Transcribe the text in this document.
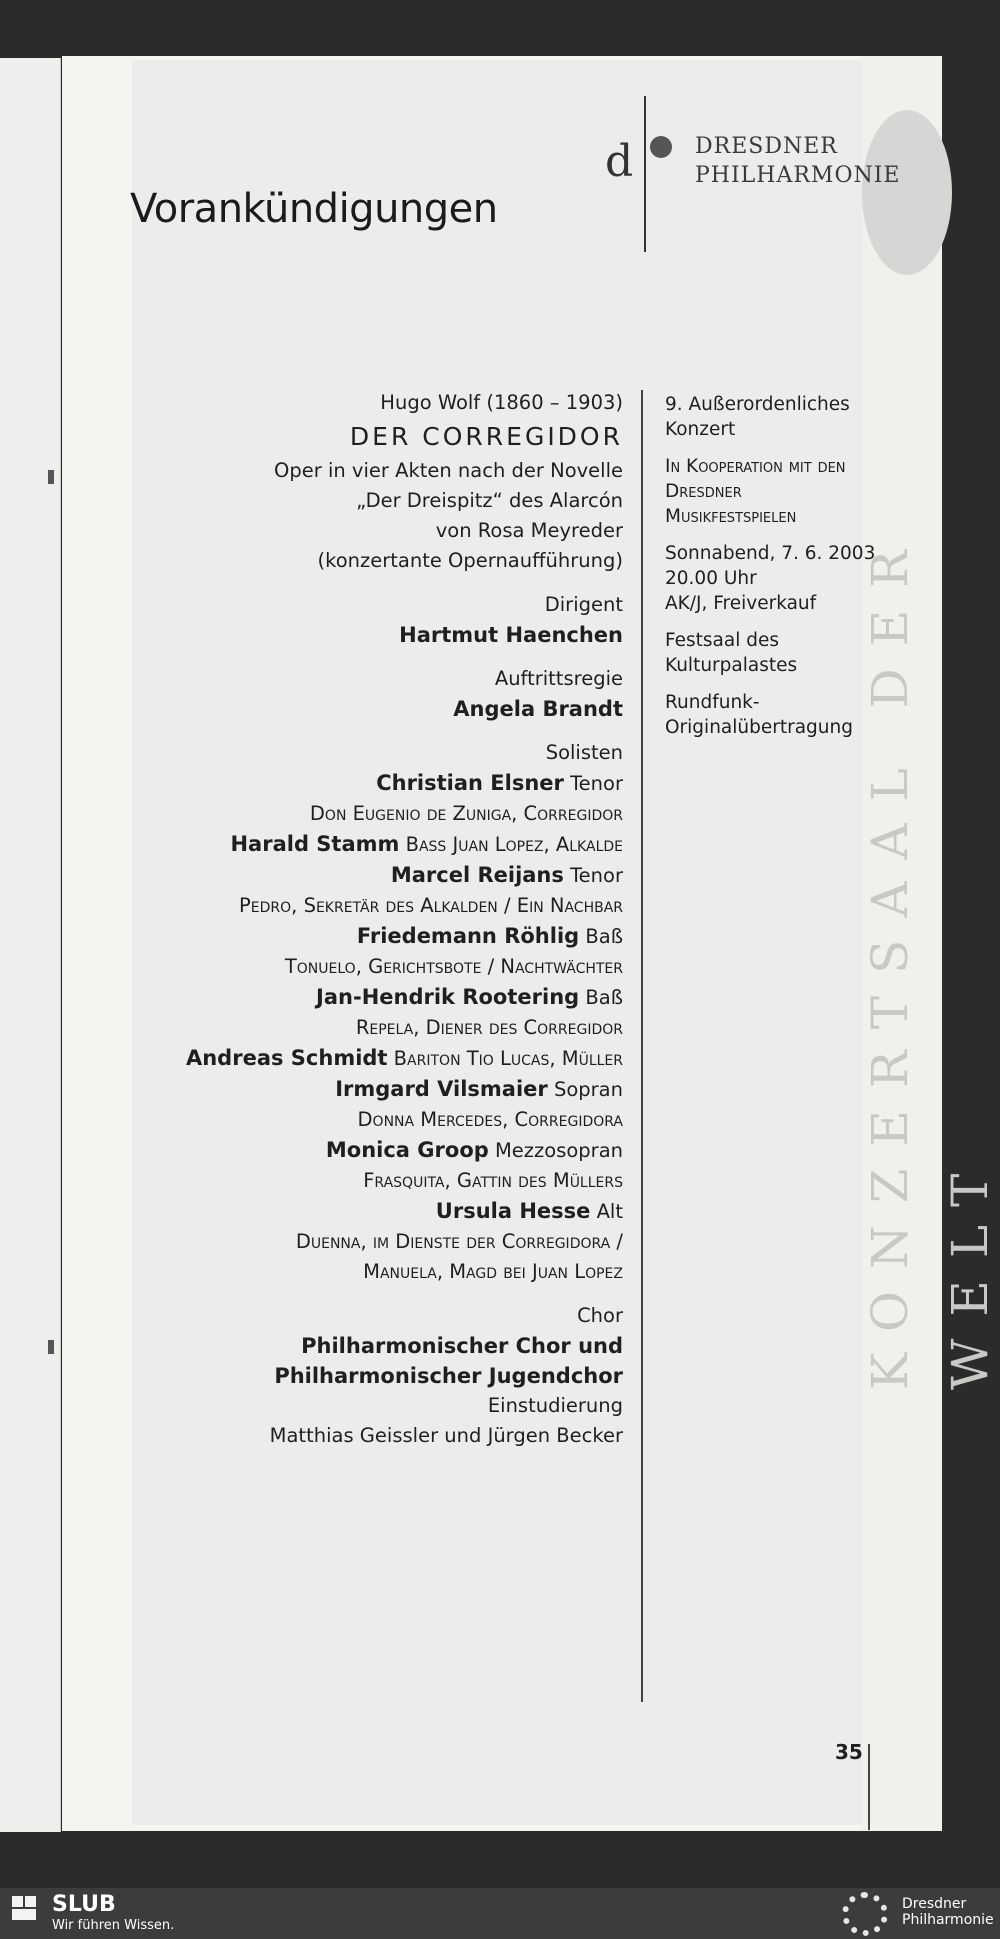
KONZERTSAAL DER WELT
Vorankündigungen
d	DRESDNER
PHILHARMONIE
Hugo Wolf (1860 – 1903)
DER CORREGIDOR
Oper in vier Akten nach der Novelle
„Der Dreispitz“ des Alarcón
von Rosa Meyreder
(konzertante Opernaufführung)
Dirigent
Hartmut Haenchen
Auftrittsregie
Angela Brandt
Solisten
Christian Elsner Tenor
Don Eugenio de Zuniga, Corregidor
Harald Stamm Baß Juan Lopez, Alkalde
Marcel Reijans Tenor
Pedro, Sekretär des Alkalden / Ein Nachbar
Friedemann Röhlig Baß
Tonuelo, Gerichtsbote / Nachtwächter
Jan-Hendrik Rootering Baß
Repela, Diener des Corregidor
Andreas Schmidt Bariton Tio Lucas, Müller
Irmgard Vilsmaier Sopran
Donna Mercedes, Corregidora
Monica Groop Mezzosopran
Frasquita, Gattin des Müllers
Ursula Hesse Alt
Duenna, im Dienste der Corregidora /
Manuela, Magd bei Juan Lopez
Chor
Philharmonischer Chor und
Philharmonischer Jugendchor
Einstudierung
Matthias Geissler und Jürgen Becker
9. Außerordenliches
Konzert
In Kooperation mit den
Dresdner
Musikfestspielen
Sonnabend, 7. 6. 2003
20.00 Uhr
AK/J, Freiverkauf
Festsaal des
Kulturpalastes
Rundfunk-
Originalübertragung
35
SLUB
Wir führen Wissen.
Dresdner
Philharmonie
